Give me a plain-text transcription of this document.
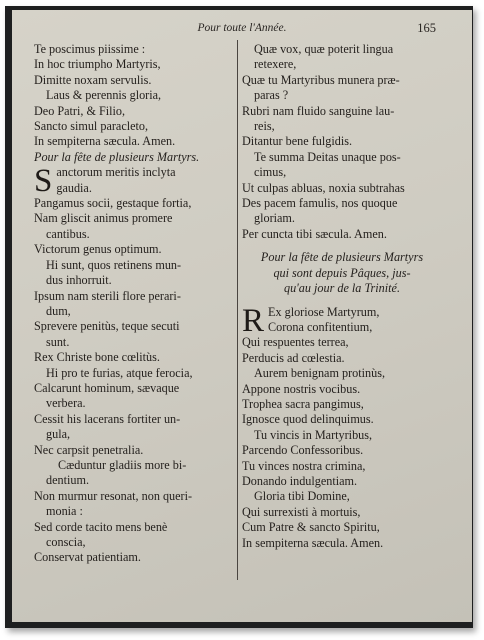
Pour toute l'Année.	165
Te poscimus piissime :
In hoc triumpho Martyris,
Dimitte noxam servulis.
Laus & perennis gloria,
Deo Patri, & Filio,
Sancto simul paracleto,
In sempiterna sæcula. Amen.
Pour la fête de plusieurs Martyrs.
S anctorum meritis inclyta
gaudia.
Pangamus socii, gestaque fortia,
Nam gliscit animus promere
cantibus.
Victorum genus optimum.
Hi sunt, quos retinens mun-
dus inhorruit.
Ipsum nam sterili flore perari-
dum,
Sprevere penitùs, teque secuti
sunt.
Rex Christe bone cœlitùs.
Hi pro te furias, atque ferocia,
Calcarunt hominum, sævaque
verbera.
Cessit his lacerans fortiter un-
gula,
Nec carpsit penetralia.
Cæduntur gladiis more bi-
dentium.
Non murmur resonat, non queri-
monia :
Sed corde tacito mens benè
conscia,
Conservat patientiam.
Quæ vox, quæ poterit lingua
retexere,
Quæ tu Martyribus munera præ-
paras ?
Rubri nam fluido sanguine lau-
reis,
Ditantur bene fulgidis.
Te summa Deitas unaque pos-
cimus,
Ut culpas abluas, noxia subtrahas
Des pacem famulis, nos quoque
gloriam.
Per cuncta tibi sæcula. Amen.
Pour la fête de plusieurs Martyrs
qui sont depuis Pâques, jus-
qu'au jour de la Trinité.
R Ex gloriose Martyrum,
Corona confitentium,
Qui respuentes terrea,
Perducis ad cœlestia.
Aurem benignam protinùs,
Appone nostris vocibus.
Trophea sacra pangimus,
Ignosce quod delinquimus.
Tu vincis in Martyribus,
Parcendo Confessoribus.
Tu vinces nostra crimina,
Donando indulgentiam.
Gloria tibi Domine,
Qui surrexisti à mortuis,
Cum Patre & sancto Spiritu,
In sempiterna sæcula. Amen.
